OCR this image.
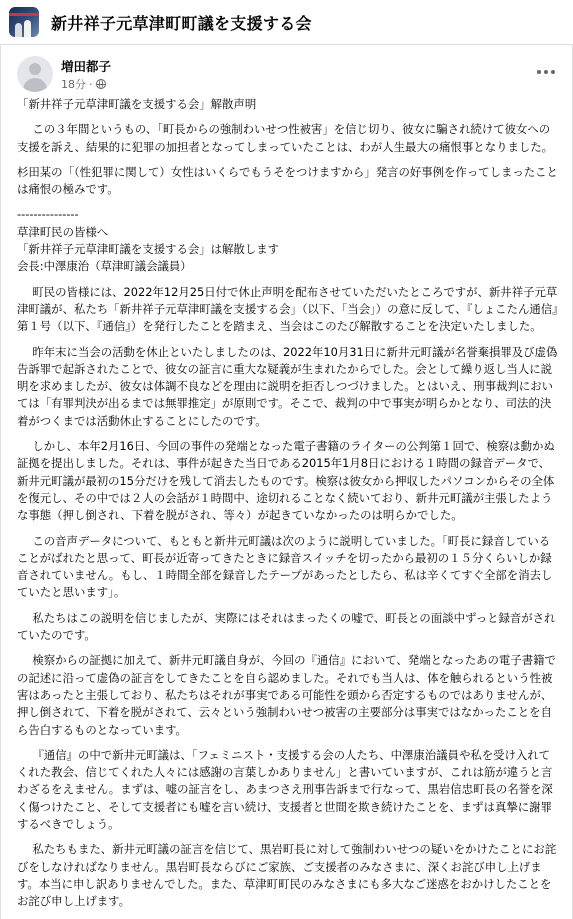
新井祥子元草津町町議を支援する会
増田都子
18分 ·

「新井祥子元草津町議を支援する会」解散声明

この３年間というもの、「町長からの強制わいせつ性被害」を信じ切り、彼女に騙され続けて彼女への支援を訴え、結果的に犯罪の加担者となってしまっていたことは、わが人生最大の痛恨事となりました。

杉田某の「（性犯罪に関して）女性はいくらでもうそをつけますから」発言の好事例を作ってしまったことは痛恨の極みです。

---------------

草津町民の皆様へ

「新井祥子元草津町議を支援する会」は解散します

会長:中澤康治（草津町議会議員）

町民の皆様には、2022年12月25日付で休止声明を配布させていただいたところですが、新井祥子元草津町議が、私たち「新井祥子元草津町議を支援する会」（以下、「当会」）の意に反して、『しょこたん通信』第１号（以下、『通信』）を発行したことを踏まえ、当会はこのたび解散することを決定いたしました。

昨年末に当会の活動を休止といたしましたのは、2022年10月31日に新井元町議が名誉棄損罪及び虚偽告訴罪で起訴されたことで、彼女の証言に重大な疑義が生まれたからでした。会として繰り返し当人に説明を求めましたが、彼女は体調不良などを理由に説明を拒否しつづけました。とはいえ、刑事裁判においては「有罪判決が出るまでは無罪推定」が原則です。そこで、裁判の中で事実が明らかとなり、司法的決着がつくまでは活動休止することにしたのです。

しかし、本年2月16日、今回の事件の発端となった電子書籍のライターの公判第１回で、検察は動かぬ証拠を提出しました。それは、事件が起きた当日である2015年1月8日における１時間の録音データで、新井元町議が最初の15分だけを残して消去したものです。検察は彼女から押収したパソコンからその全体を復元し、その中では２人の会話が１時間中、途切れることなく続いており、新井元町議が主張したような事態（押し倒され、下着を脱がされ、等々）が起きていなかったのは明らかでした。

この音声データについて、もともと新井元町議は次のように説明していました。「町長に録音していることがばれたと思って、町長が近寄ってきたときに録音スイッチを切ったから最初の１５分くらいしか録音されていません。もし、１時間全部を録音したテープがあったとしたら、私は辛くてすぐ全部を消去していたと思います」。

私たちはこの説明を信じましたが、実際にはそれはまったくの嘘で、町長との面談中ずっと録音がされていたのです。

検察からの証拠に加えて、新井元町議自身が、今回の『通信』において、発端となったあの電子書籍での記述に沿って虚偽の証言をしてきたことを自ら認めました。それでも当人は、体を触られるという性被害はあったと主張しており、私たちはそれが事実である可能性を頭から否定するものではありませんが、押し倒されて、下着を脱がされて、云々という強制わいせつ被害の主要部分は事実ではなかったことを自ら告白するものとなっています。

『通信』の中で新井元町議は、「フェミニスト・支援する会の人たち、中澤康治議員や私を受け入れてくれた教会、信じてくれた人々には感謝の言葉しかありません」と書いていますが、これは筋が違うと言わざるをえません。まずは、嘘の証言をし、あまつさえ刑事告訴まで行なって、黒岩信忠町長の名誉を深く傷つけたこと、そして支援者にも嘘を言い続け、支援者と世間を欺き続けたことを、まずは真摯に謝罪するべきでしょう。

私たちもまた、新井元町議の証言を信じて、黒岩町長に対して強制わいせつの疑いをかけたことにお詫びをしなければなりません。黒岩町長ならびにご家族、ご支援者のみなさまに、深くお詫び申し上げます。本当に申し訳ありませんでした。また、草津町町民のみなさまにも多大なご迷惑をおかけしたことをお詫び申し上げます。
